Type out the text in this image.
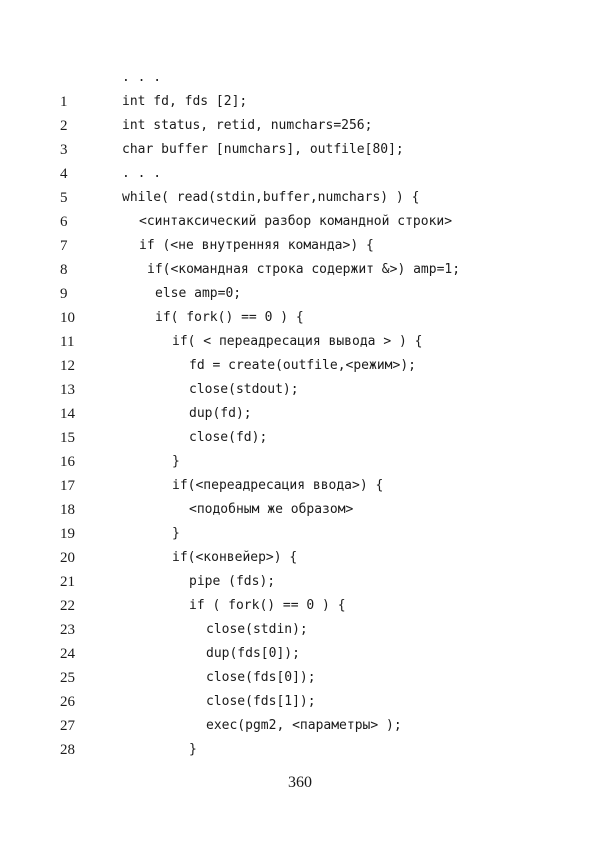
. . .
1	int fd, fds [2];
2	int status, retid, numchars=256;
3	char buffer [numchars], outfile[80];
4	. . .
5	while( read(stdin,buffer,numchars) ) {
6	<синтаксический разбор командной строки>
7	if (<не внутренняя команда>) {
8	if(<командная строка содержит &>) amp=1;
9	else amp=0;
10	if( fork() == 0 ) {
11	if( < переадресация вывода > ) {
12	fd = create(outfile,<режим>);
13	close(stdout);
14	dup(fd);
15	close(fd);
16	}
17	if(<переадресация ввода>) {
18	<подобным же образом>
19	}
20	if(<конвейер>) {
21	pipe (fds);
22	if ( fork() == 0 ) {
23	close(stdin);
24	dup(fds[0]);
25	close(fds[0]);
26	close(fds[1]);
27	exec(pgm2, <параметры> );
28	}
360
